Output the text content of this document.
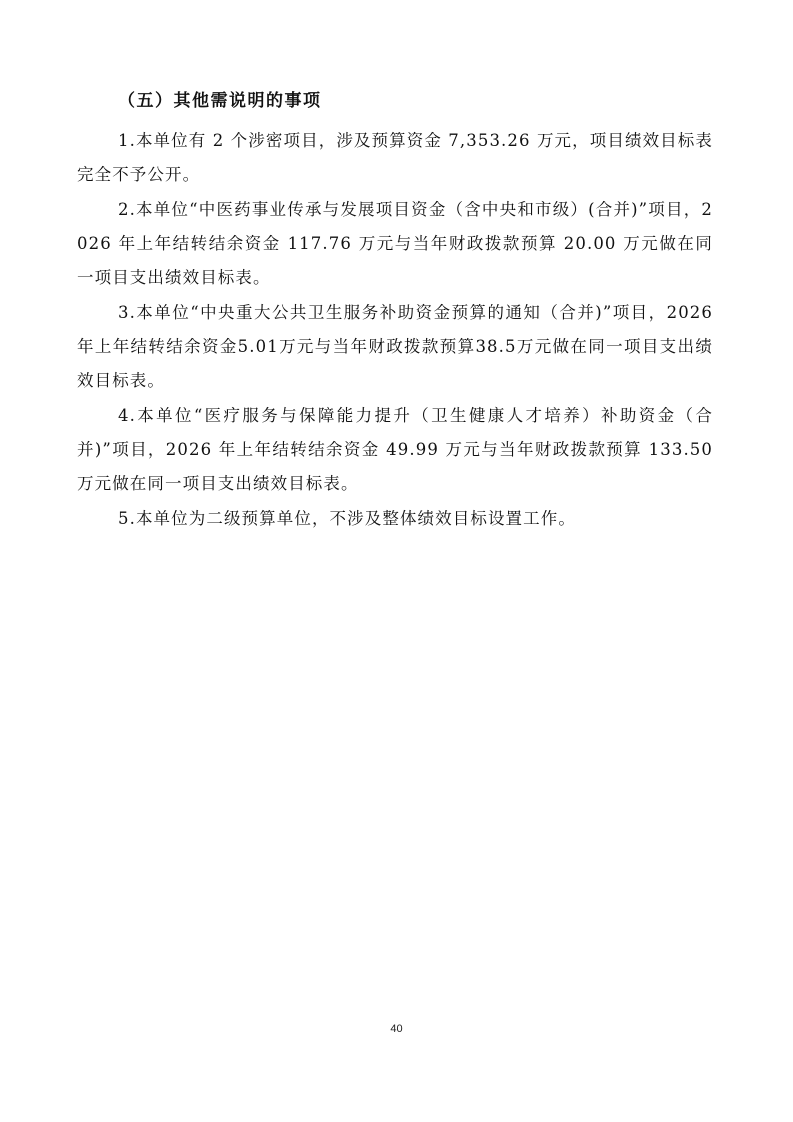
（五）其他需说明的事项

1.本单位有 2 个涉密项目，涉及预算资金 7,353.26 万元，项目绩效目标表完全不予公开。

2.本单位“中医药事业传承与发展项目资金（含中央和市级）(合并)”项目，2026 年上年结转结余资金 117.76 万元与当年财政拨款预算 20.00 万元做在同一项目支出绩效目标表。

3.本单位“中央重大公共卫生服务补助资金预算的通知（合并)”项目，2026年上年结转结余资金5.01万元与当年财政拨款预算38.5万元做在同一项目支出绩效目标表。

4.本单位“医疗服务与保障能力提升（卫生健康人才培养）补助资金（合并)”项目，2026 年上年结转结余资金 49.99 万元与当年财政拨款预算 133.50 万元做在同一项目支出绩效目标表。

5.本单位为二级预算单位，不涉及整体绩效目标设置工作。

40
